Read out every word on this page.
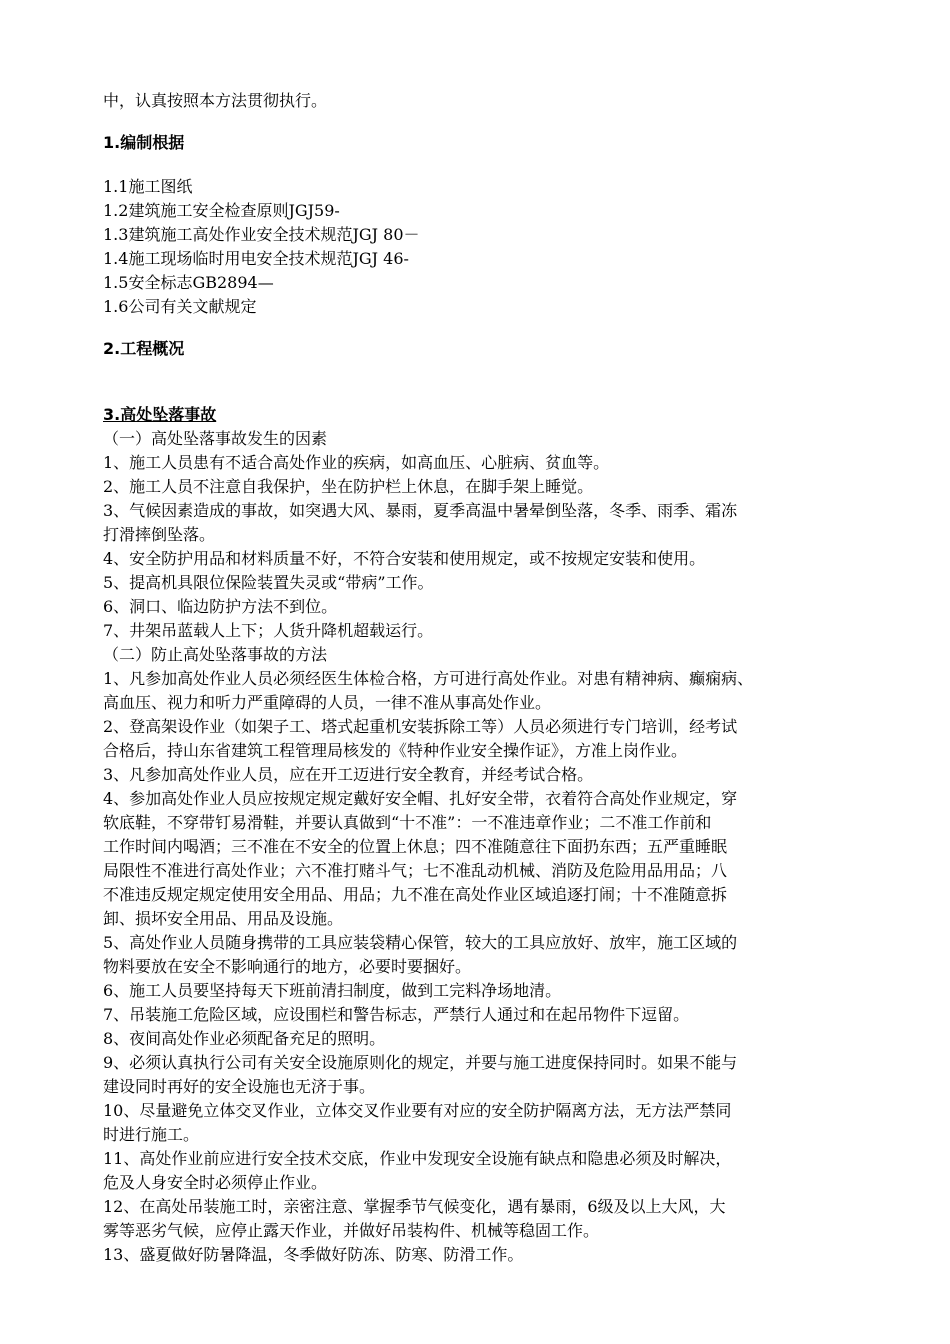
中，认真按照本方法贯彻执行。
1.编制根据
1.1施工图纸
1.2建筑施工安全检查原则JGJ59-
1.3建筑施工高处作业安全技术规范JGJ 80－
1.4施工现场临时用电安全技术规范JGJ 46-
1.5安全标志GB2894—
1.6公司有关文献规定
2.工程概况
3.高处坠落事故
（一）高处坠落事故发生的因素
1、施工人员患有不适合高处作业的疾病，如高血压、心脏病、贫血等。
2、施工人员不注意自我保护，坐在防护栏上休息，在脚手架上睡觉。
3、气候因素造成的事故，如突遇大风、暴雨，夏季高温中暑晕倒坠落，冬季、雨季、霜冻
打滑摔倒坠落。
4、安全防护用品和材料质量不好，不符合安装和使用规定，或不按规定安装和使用。
5、提高机具限位保险装置失灵或“带病”工作。
6、洞口、临边防护方法不到位。
7、井架吊蓝载人上下；人货升降机超载运行。
（二）防止高处坠落事故的方法
1、凡参加高处作业人员必须经医生体检合格，方可进行高处作业。对患有精神病、癫痫病、
高血压、视力和听力严重障碍的人员，一律不准从事高处作业。
2、登高架设作业（如架子工、塔式起重机安装拆除工等）人员必须进行专门培训，经考试
合格后，持山东省建筑工程管理局核发的《特种作业安全操作证》，方准上岗作业。
3、凡参加高处作业人员，应在开工迈进行安全教育，并经考试合格。
4、参加高处作业人员应按规定规定戴好安全帽、扎好安全带，衣着符合高处作业规定，穿
软底鞋，不穿带钉易滑鞋，并要认真做到“十不准”：一不准违章作业；二不准工作前和
工作时间内喝酒；三不准在不安全的位置上休息；四不准随意往下面扔东西；五严重睡眠
局限性不准进行高处作业；六不准打赌斗气；七不准乱动机械、消防及危险用品用品；八
不准违反规定规定使用安全用品、用品；九不准在高处作业区域追逐打闹；十不准随意拆
卸、损坏安全用品、用品及设施。
5、高处作业人员随身携带的工具应装袋精心保管，较大的工具应放好、放牢，施工区域的
物料要放在安全不影响通行的地方，必要时要捆好。
6、施工人员要坚持每天下班前清扫制度，做到工完料净场地清。
7、吊装施工危险区域，应设围栏和警告标志，严禁行人通过和在起吊物件下逗留。
8、夜间高处作业必须配备充足的照明。
9、必须认真执行公司有关安全设施原则化的规定，并要与施工进度保持同时。如果不能与
建设同时再好的安全设施也无济于事。
10、尽量避免立体交叉作业，立体交叉作业要有对应的安全防护隔离方法，无方法严禁同
时进行施工。
11、高处作业前应进行安全技术交底，作业中发现安全设施有缺点和隐患必须及时解决，
危及人身安全时必须停止作业。
12、在高处吊装施工时，亲密注意、掌握季节气候变化，遇有暴雨，6级及以上大风，大
雾等恶劣气候，应停止露天作业，并做好吊装构件、机械等稳固工作。
13、盛夏做好防暑降温，冬季做好防冻、防寒、防滑工作。
